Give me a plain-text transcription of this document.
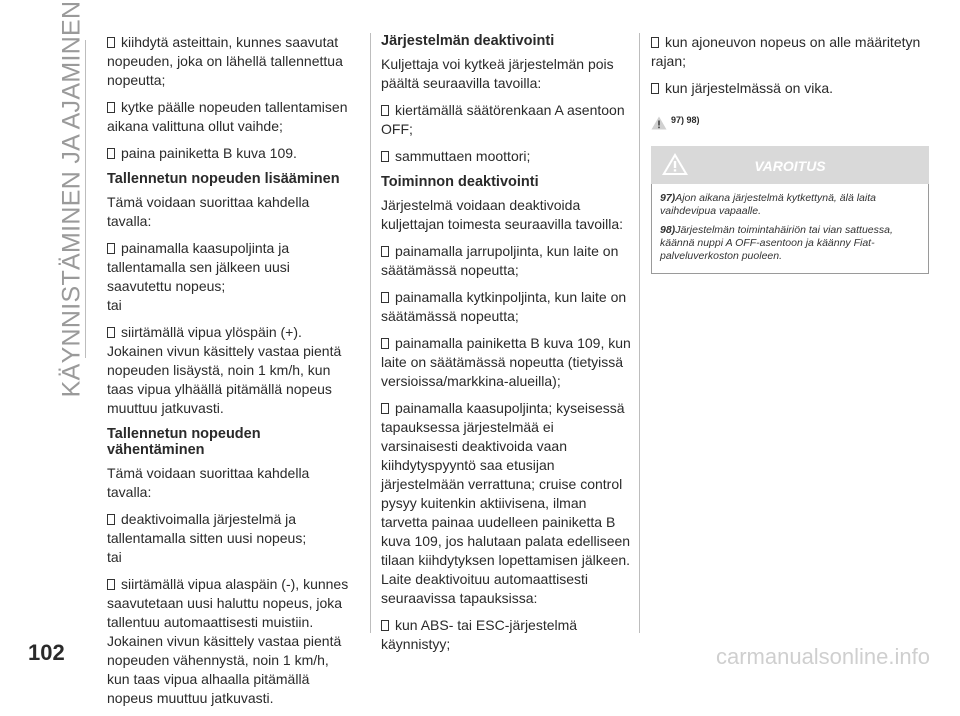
KÄYNNISTÄMINEN JA AJAMINEN
102

kiihdytä asteittain, kunnes saavutat nopeuden, joka on lähellä tallennettua nopeutta;

kytke päälle nopeuden tallentamisen aikana valittuna ollut vaihde;

paina painiketta B kuva 109.

Tallennetun nopeuden lisääminen

Tämä voidaan suorittaa kahdella tavalla:

painamalla kaasupoljinta ja tallentamalla sen jälkeen uusi saavutettu nopeus;
tai

siirtämällä vipua ylöspäin (+).
Jokainen vivun käsittely vastaa pientä nopeuden lisäystä, noin 1 km/h, kun taas vipua ylhäällä pitämällä nopeus muuttuu jatkuvasti.

Tallennetun nopeuden
vähentäminen

Tämä voidaan suorittaa kahdella tavalla:

deaktivoimalla järjestelmä ja tallentamalla sitten uusi nopeus;
tai

siirtämällä vipua alaspäin (-), kunnes saavutetaan uusi haluttu nopeus, joka tallentuu automaattisesti muistiin.
Jokainen vivun käsittely vastaa pientä nopeuden vähennystä, noin 1 km/h, kun taas vipua alhaalla pitämällä nopeus muuttuu jatkuvasti.

Järjestelmän deaktivointi

Kuljettaja voi kytkeä järjestelmän pois päältä seuraavilla tavoilla:

kiertämällä säätörenkaan A asentoon OFF;

sammuttaen moottori;

Toiminnon deaktivointi

Järjestelmä voidaan deaktivoida kuljettajan toimesta seuraavilla tavoilla:

painamalla jarrupoljinta, kun laite on säätämässä nopeutta;

painamalla kytkinpoljinta, kun laite on säätämässä nopeutta;

painamalla painiketta B kuva 109, kun laite on säätämässä nopeutta (tietyissä versioissa/markkina-alueilla);

painamalla kaasupoljinta; kyseisessä tapauksessa järjestelmää ei varsinaisesti deaktivoida vaan kiihdytyspyyntö saa etusijan järjestelmään verrattuna; cruise control pysyy kuitenkin aktiivisena, ilman tarvetta painaa uudelleen painiketta B kuva 109, jos halutaan palata edelliseen tilaan kiihdytyksen lopettamisen jälkeen.
Laite deaktivoituu automaattisesti seuraavissa tapauksissa:

kun ABS- tai ESC-järjestelmä käynnistyy;

kun ajoneuvon nopeus on alle määritetyn rajan;

kun järjestelmässä on vika.

97) 98)
VAROITUS

97)Ajon aikana järjestelmä kytkettynä, älä laita vaihdevipua vapaalle.

98)Järjestelmän toimintahäiriön tai vian sattuessa, käännä nuppi A OFF-asentoon ja käänny Fiat-palveluverkoston puoleen.

carmanualsonline.info
